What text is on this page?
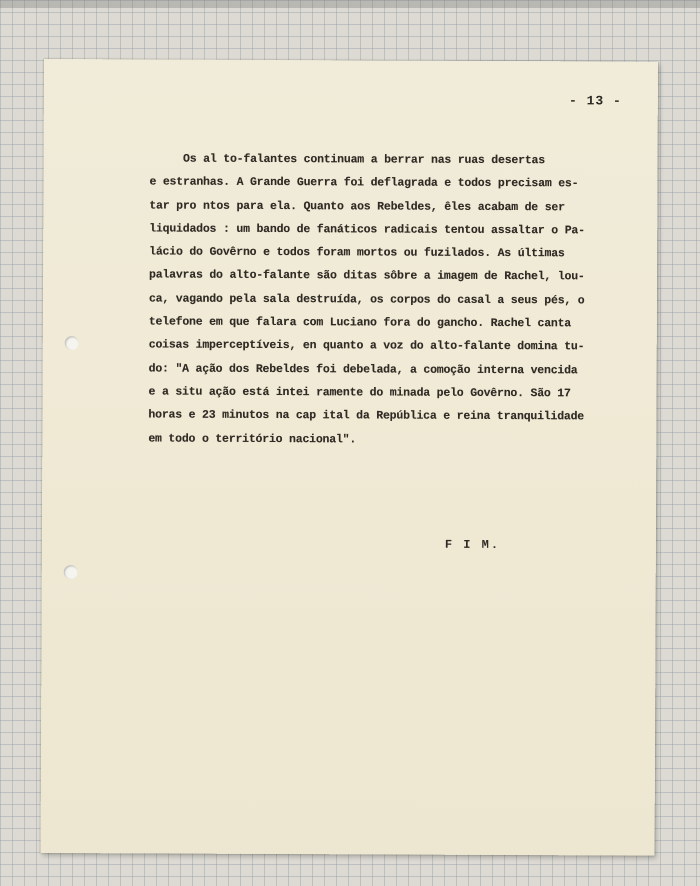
- 13 -
Os al to-falantes continuam a berrar nas ruas desertas
e estranhas. A Grande Guerra foi deflagrada e todos precisam es-
tar pro ntos para ela. Quanto aos Rebeldes, êles acabam de ser
liquidados : um bando de fanáticos radicais tentou assaltar o Pa-
lácio do Govêrno e todos foram mortos ou fuzilados. As últimas
palavras do alto-falante são ditas sôbre a imagem de Rachel, lou-
ca, vagando pela sala destruída, os corpos do casal a seus pés, o
telefone em que falara com Luciano fora do gancho. Rachel canta
coisas imperceptíveis, en quanto a voz do alto-falante domina tu-
do: "A ação dos Rebeldes foi debelada, a comoção interna vencida
e a situ ação está intei ramente do minada pelo Govêrno. São 17
horas e 23 minutos na cap ital da República e reina tranquilidade
em todo o território nacional".
F I M.
